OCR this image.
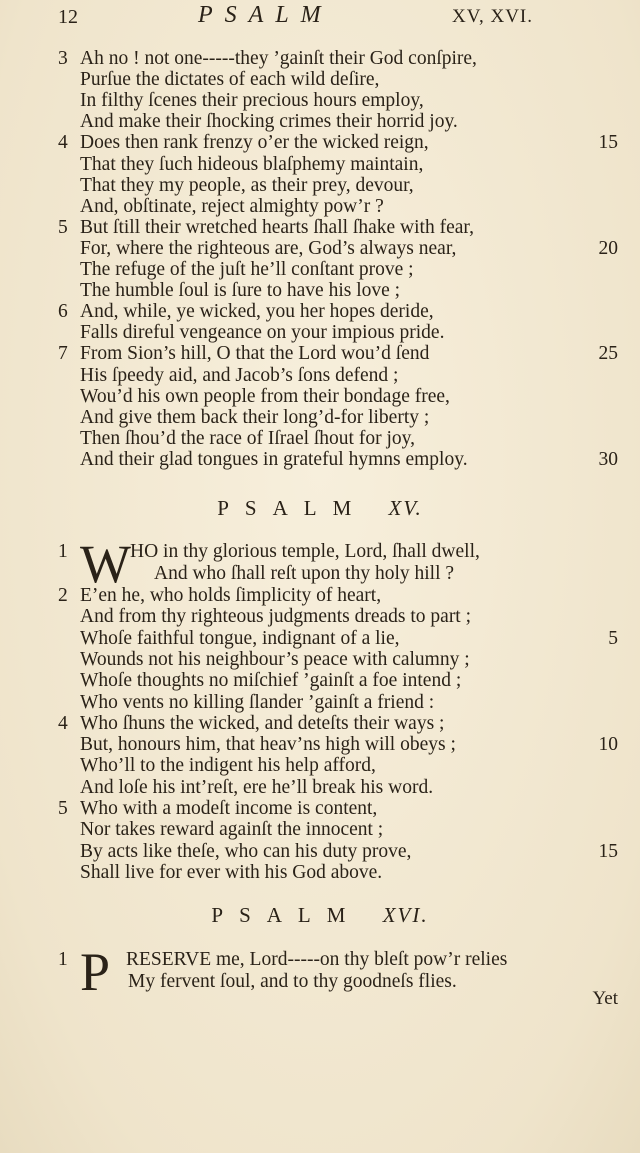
12	PSALM	XV, XVI.
3 Ah no ! not one-----they ’gainſt their God conſpire,
Purſue the dictates of each wild deſire,
In filthy ſcenes their precious hours employ,
And make their ſhocking crimes their horrid joy.
4 Does then rank frenzy o’er the wicked reign,	15
That they ſuch hideous blaſphemy maintain,
That they my people, as their prey, devour,
And, obſtinate, reject almighty pow’r ?
5 But ſtill their wretched hearts ſhall ſhake with fear,
For, where the righteous are, God’s always near,	20
The refuge of the juſt he’ll conſtant prove ;
The humble ſoul is ſure to have his love ;
6 And, while, ye wicked, you her hopes deride,
Falls direful vengeance on your impious pride.
7 From Sion’s hill, O that the Lord wou’d ſend	25
His ſpeedy aid, and Jacob’s ſons defend ;
Wou’d his own people from their bondage free,
And give them back their long’d-for liberty ;
Then ſhou’d the race of Iſrael ſhout for joy,
And their glad tongues in grateful hymns employ.	30
PSALM XV.
1 W HO in thy glorious temple, Lord, ſhall dwell,
And who ſhall reſt upon thy holy hill ?
2 E’en he, who holds ſimplicity of heart,
And from thy righteous judgments dreads to part ;
Whoſe faithful tongue, indignant of a lie,	5
Wounds not his neighbour’s peace with calumny ;
Whoſe thoughts no miſchief ’gainſt a foe intend ;
Who vents no killing ſlander ’gainſt a friend :
4 Who ſhuns the wicked, and deteſts their ways ;
But, honours him, that heav’ns high will obeys ;	10
Who’ll to the indigent his help afford,
And loſe his int’reſt, ere he’ll break his word.
5 Who with a modeſt income is content,
Nor takes reward againſt the innocent ;
By acts like theſe, who can his duty prove,	15
Shall live for ever with his God above.
PSALM XVI.
1 P RESERVE me, Lord-----on thy bleſt pow’r relies
My fervent ſoul, and to thy goodneſs flies.
Yet
